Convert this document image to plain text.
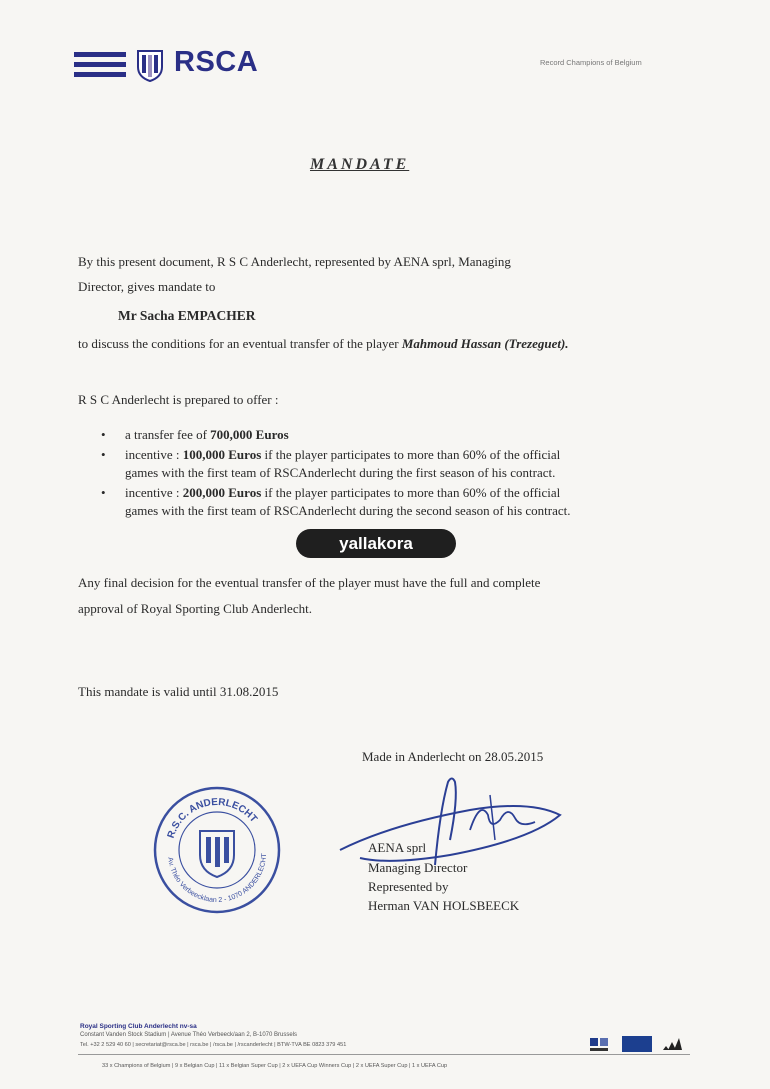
RSCA	Record Champions of Belgium
MANDATE
By this present document, R S C Anderlecht, represented by AENA sprl, Managing
Director, gives mandate to
Mr Sacha EMPACHER
to discuss the conditions for an eventual transfer of the player Mahmoud Hassan (Trezeguet).
R S C Anderlecht is prepared to offer :
• a transfer fee of 700,000 Euros
• incentive : 100,000 Euros if the player participates to more than 60% of the official
games with the first team of RSCAnderlecht during the first season of his contract.
• incentive : 200,000 Euros if the player participates to more than 60% of the official
games with the first team of RSCAnderlecht during the second season of his contract.
yallakora
Any final decision for the eventual transfer of the player must have the full and complete
approval of Royal Sporting Club Anderlecht.
This mandate is valid until 31.08.2015
Made in Anderlecht on 28.05.2015
AENA sprl
Managing Director
Represented by
Herman VAN HOLSBEECK
R.S.C. ANDERLECHT
Av. Théo Verbeecklaan 2 - 1070 ANDERLECHT
Royal Sporting Club Anderlecht nv-sa
Constant Vanden Stock Stadium | Avenue Théo Verbeeck/aan 2, B-1070 Brussels
Tel. +32 2 529 40 60 | secretariat@rsca.be | rsca.be | /rsca.be | /rscanderlecht | BTW-TVA BE 0823 379 451
33 x Champions of Belgium | 9 x Belgian Cup | 11 x Belgian Super Cup | 2 x UEFA Cup Winners Cup | 2 x UEFA Super Cup | 1 x UEFA Cup
